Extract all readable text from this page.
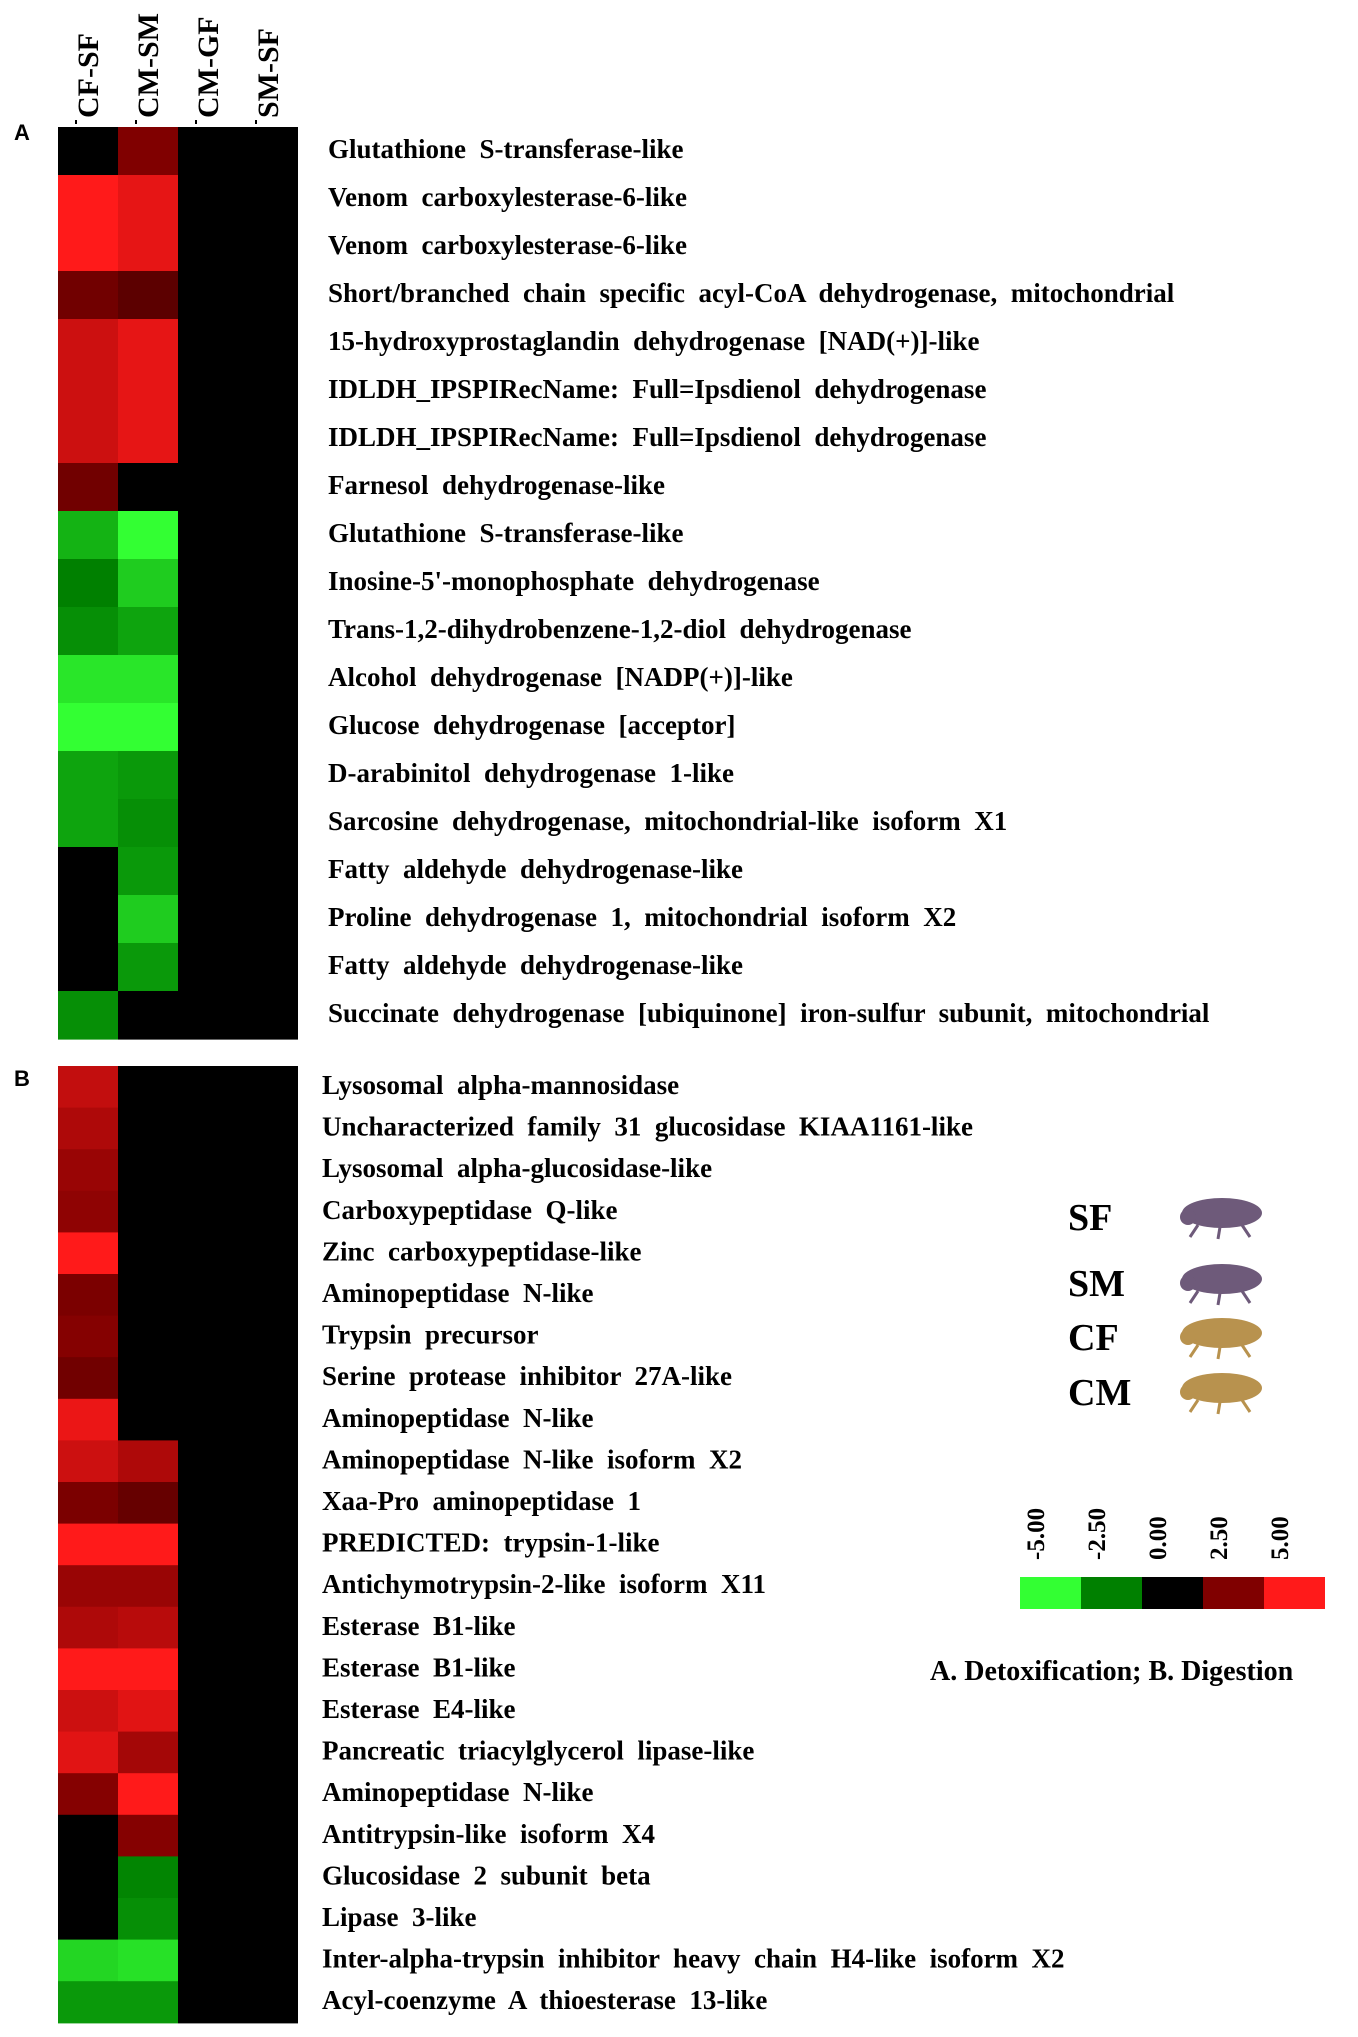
CF-SF CM-SM CM-GF SM-SF
Glutathione  S-transferase-like
Venom  carboxylesterase-6-like
Venom  carboxylesterase-6-like
Short/branched  chain  specific  acyl-CoA  dehydrogenase,  mitochondrial
15-hydroxyprostaglandin  dehydrogenase  [NAD(+)]-like
IDLDH_IPSPIRecName:  Full=Ipsdienol  dehydrogenase
IDLDH_IPSPIRecName:  Full=Ipsdienol  dehydrogenase
Farnesol  dehydrogenase-like
Glutathione  S-transferase-like
Inosine-5'-monophosphate  dehydrogenase
Trans-1,2-dihydrobenzene-1,2-diol  dehydrogenase
Alcohol  dehydrogenase  [NADP(+)]-like
Glucose  dehydrogenase  [acceptor]
D-arabinitol  dehydrogenase  1-like
Sarcosine  dehydrogenase,  mitochondrial-like  isoform  X1
Fatty  aldehyde  dehydrogenase-like
Proline  dehydrogenase  1,  mitochondrial  isoform  X2
Fatty  aldehyde  dehydrogenase-like
Succinate  dehydrogenase  [ubiquinone]  iron-sulfur  subunit,  mitochondrial
Lysosomal  alpha-mannosidase
Uncharacterized  family  31  glucosidase  KIAA1161-like
Lysosomal  alpha-glucosidase-like
Carboxypeptidase  Q-like
Zinc  carboxypeptidase-like
Aminopeptidase  N-like
Trypsin  precursor
Serine  protease  inhibitor  27A-like
Aminopeptidase  N-like
Aminopeptidase  N-like  isoform  X2
Xaa-Pro  aminopeptidase  1
PREDICTED:  trypsin-1-like
Antichymotrypsin-2-like  isoform  X11
Esterase  B1-like
Esterase  B1-like
Esterase  E4-like
Pancreatic  triacylglycerol  lipase-like
Aminopeptidase  N-like
Antitrypsin-like  isoform  X4
Glucosidase  2  subunit  beta
Lipase  3-like
Inter-alpha-trypsin  inhibitor  heavy  chain  H4-like  isoform  X2
Acyl-coenzyme  A  thioesterase  13-like
-5.00 -2.50 0.00 2.50 5.00
SF
SM
CF
CM
A
B
A. Detoxification; B. Digestion
